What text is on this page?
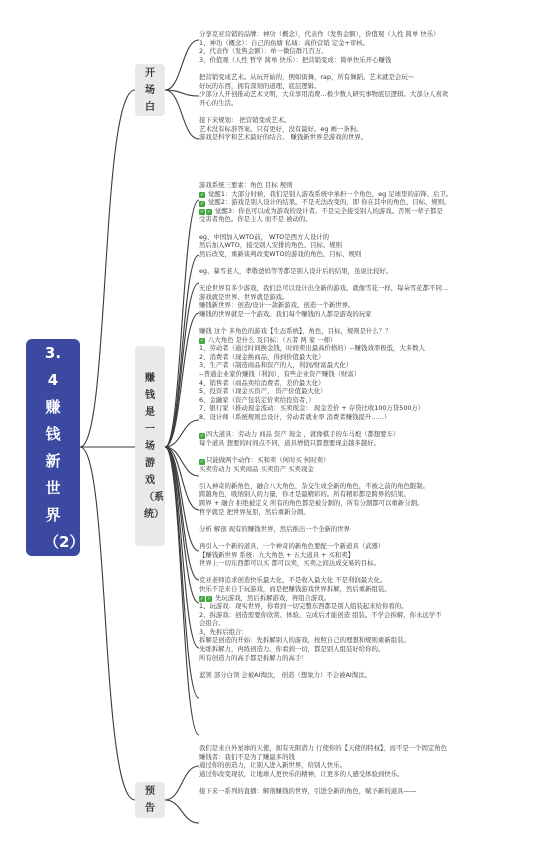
3.4赚钱新世界（2）
开场白
赚钱是一场游戏（系统）
预告
分享克亚营销的品牌：神功（概念），代表作（发售金额），价值观（人性 简单 快乐）
1、神功（概念）：自己的鱼塘 私域：高价营销 定金+审核。
2、代表作（发售金额）：单一微信群几百万。
3、价值观（人性 哲学 简单 快乐）：把营销变成：简单快乐开心赚钱
把营销变成艺术。从玩开始的，例如街舞，rap，所有舞蹈。艺术就是会玩～
好玩的东西，拥有深刻的道理、底层逻辑。
少部分人开创推动艺术文明，大众享用消费…极少数人研究事物底层逻辑。大部分人喜欢
开心的生活。
接下来规划： 把营销变成艺术。
艺术没有标准答案。只有更好，没有最好。eg 画一条狗。
游戏是科学和艺术最好的结合。 赚钱新世界是游戏的世界。
游戏系统三要素：角色 目标 规则
✓ 觉醒1：大部分时候，我们是别人游戏系统中承担一个角色，eg 足球里的前锋、后卫。
✓ 觉醒2：游戏是别人设计的结果。不是无法改变的，即 你在其中的角色、目标、规则。
✓ ✓ 觉醒3：你也可以成为游戏的设计者。不是完全接受别人的游戏。否则一辈子都是
受害者角色。你是主人 而不是 被动的、
eg、中国加入WTO前， WTO是西方人设计的
然后加入WTO，接受别人安排的角色、目标、规则
然后改变，重新谈判改变WTO的游戏的角色、目标、规则
eg、暴雪老人，孝敬爸妈等等都是别人设计后的结果，虽说比较好。
无论世界有多少游戏，我们总可以设计出全新的游戏。就像雪花一样，每朵雪花都不同…
游戏就是世界、世界就是游戏。
赚钱新世界：创造/设计一款新游戏、创造一个新世界。
赚钱的世界就是一个游戏。我们每个赚钱的人都是游戏的玩家
赚钱 这个 多角色的游戏【生态系统】，角色，目标，规则是什么？？
✓ 八大角色 是什么 及目标：（五者 两 家 一师）
1、劳动者（通过时间换金钱，时间卖出最高价格的）--赚钱效率极低，大多数人
2、消费者（现金换商品，得到价值最大化）
3、生产者（制造商品和资产的人，利润/财富最大化）
--普通企业家价赚钱（利润），有些企业资产赚钱（财富）
4、销售者（商品卖给消费者，差价最大化）
5、投资者（现金买资产， 资产价值最大化）
6、金融家（资产包装定价卖给投资者，）
7、银行家（推动现金流动：买卖现金： 现金差价 + 存贷比收100万贷500万）
8、设计师（系统规则总设计，劳动者就业率 消费者赚钱提升……）
✓ 四大道具：劳动力 商品 资产 现金 ，就像棋手的车马炮（都想要车）
每个道具 想要的时间点不同，道具增值只都想要现金越多越好。
✓ 只能做两个动作：买和卖（何时买 何时卖）
买卖劳动力 买卖商品 买卖资产 买卖现金
引入神奇的新角色，融合八大角色，杂交生成全新的角色，不被之前的角色限制。
跨越角色，吸纳别人的力量，你才是最精彩的。所有精彩都是跨界的结果。
跨界 + 融合 拒绝被定义 所有的角色都是被分割的，所有分割都可以重新分割。
哲学就是 把世界复原，然后重新分割。
分析 解剖 现有的赚钱世界，然后推出一个全新的世界
再引入一个新的道具，一个神奇的新角色要配一个新道具（武器）
【赚钱新世界 系统：九大角色 + 五大道具 + 买和卖】
世界上一切东西都可以买 都可以卖，买卖之间达成交易的目标。
克亚老师追求创造快乐最大化，不是收入最大化 不是利润最大化。
快乐不是来自于玩游戏，而是把赚钱游戏世界拆解，然后重新组装。
✓ ✓ 先玩游戏，然后拆解游戏，再组合游戏。
1、玩游戏：现实世界，你看到一切完整东西都是别人组装起来给你看的。
2、拆游戏：创造需要你欣赏、体验、完成后才能创造 组装。不学会拆解，你永远学不
会组合。
3、先拆后组合：
拆解是创造的开始：先拆解别人的游戏，按照自己的理想和规则重新组装。
先练拆解力，再练创造力。你看到一切，都是别人组装好给你的。
所有创造力的高手都是拆解力的高手！
蓝领 部分白领 会被AI淘汰， 创造（想象力）不会被AI淘汰。
我们是来自外星球的天使，拥有无限潜力 行使你的【天使的特权】，而不是一个固定角色
赚钱者：我们不是为了赚最多的钱
通过你的创造力，让别人进入新世界，给别人快乐。
通过你改变现状，让地球人更快乐的精神，让更多的人感受体验到快乐。
接下来一系列的直播：解剖赚钱的世界，引进全新的角色，赋予新的道具——
